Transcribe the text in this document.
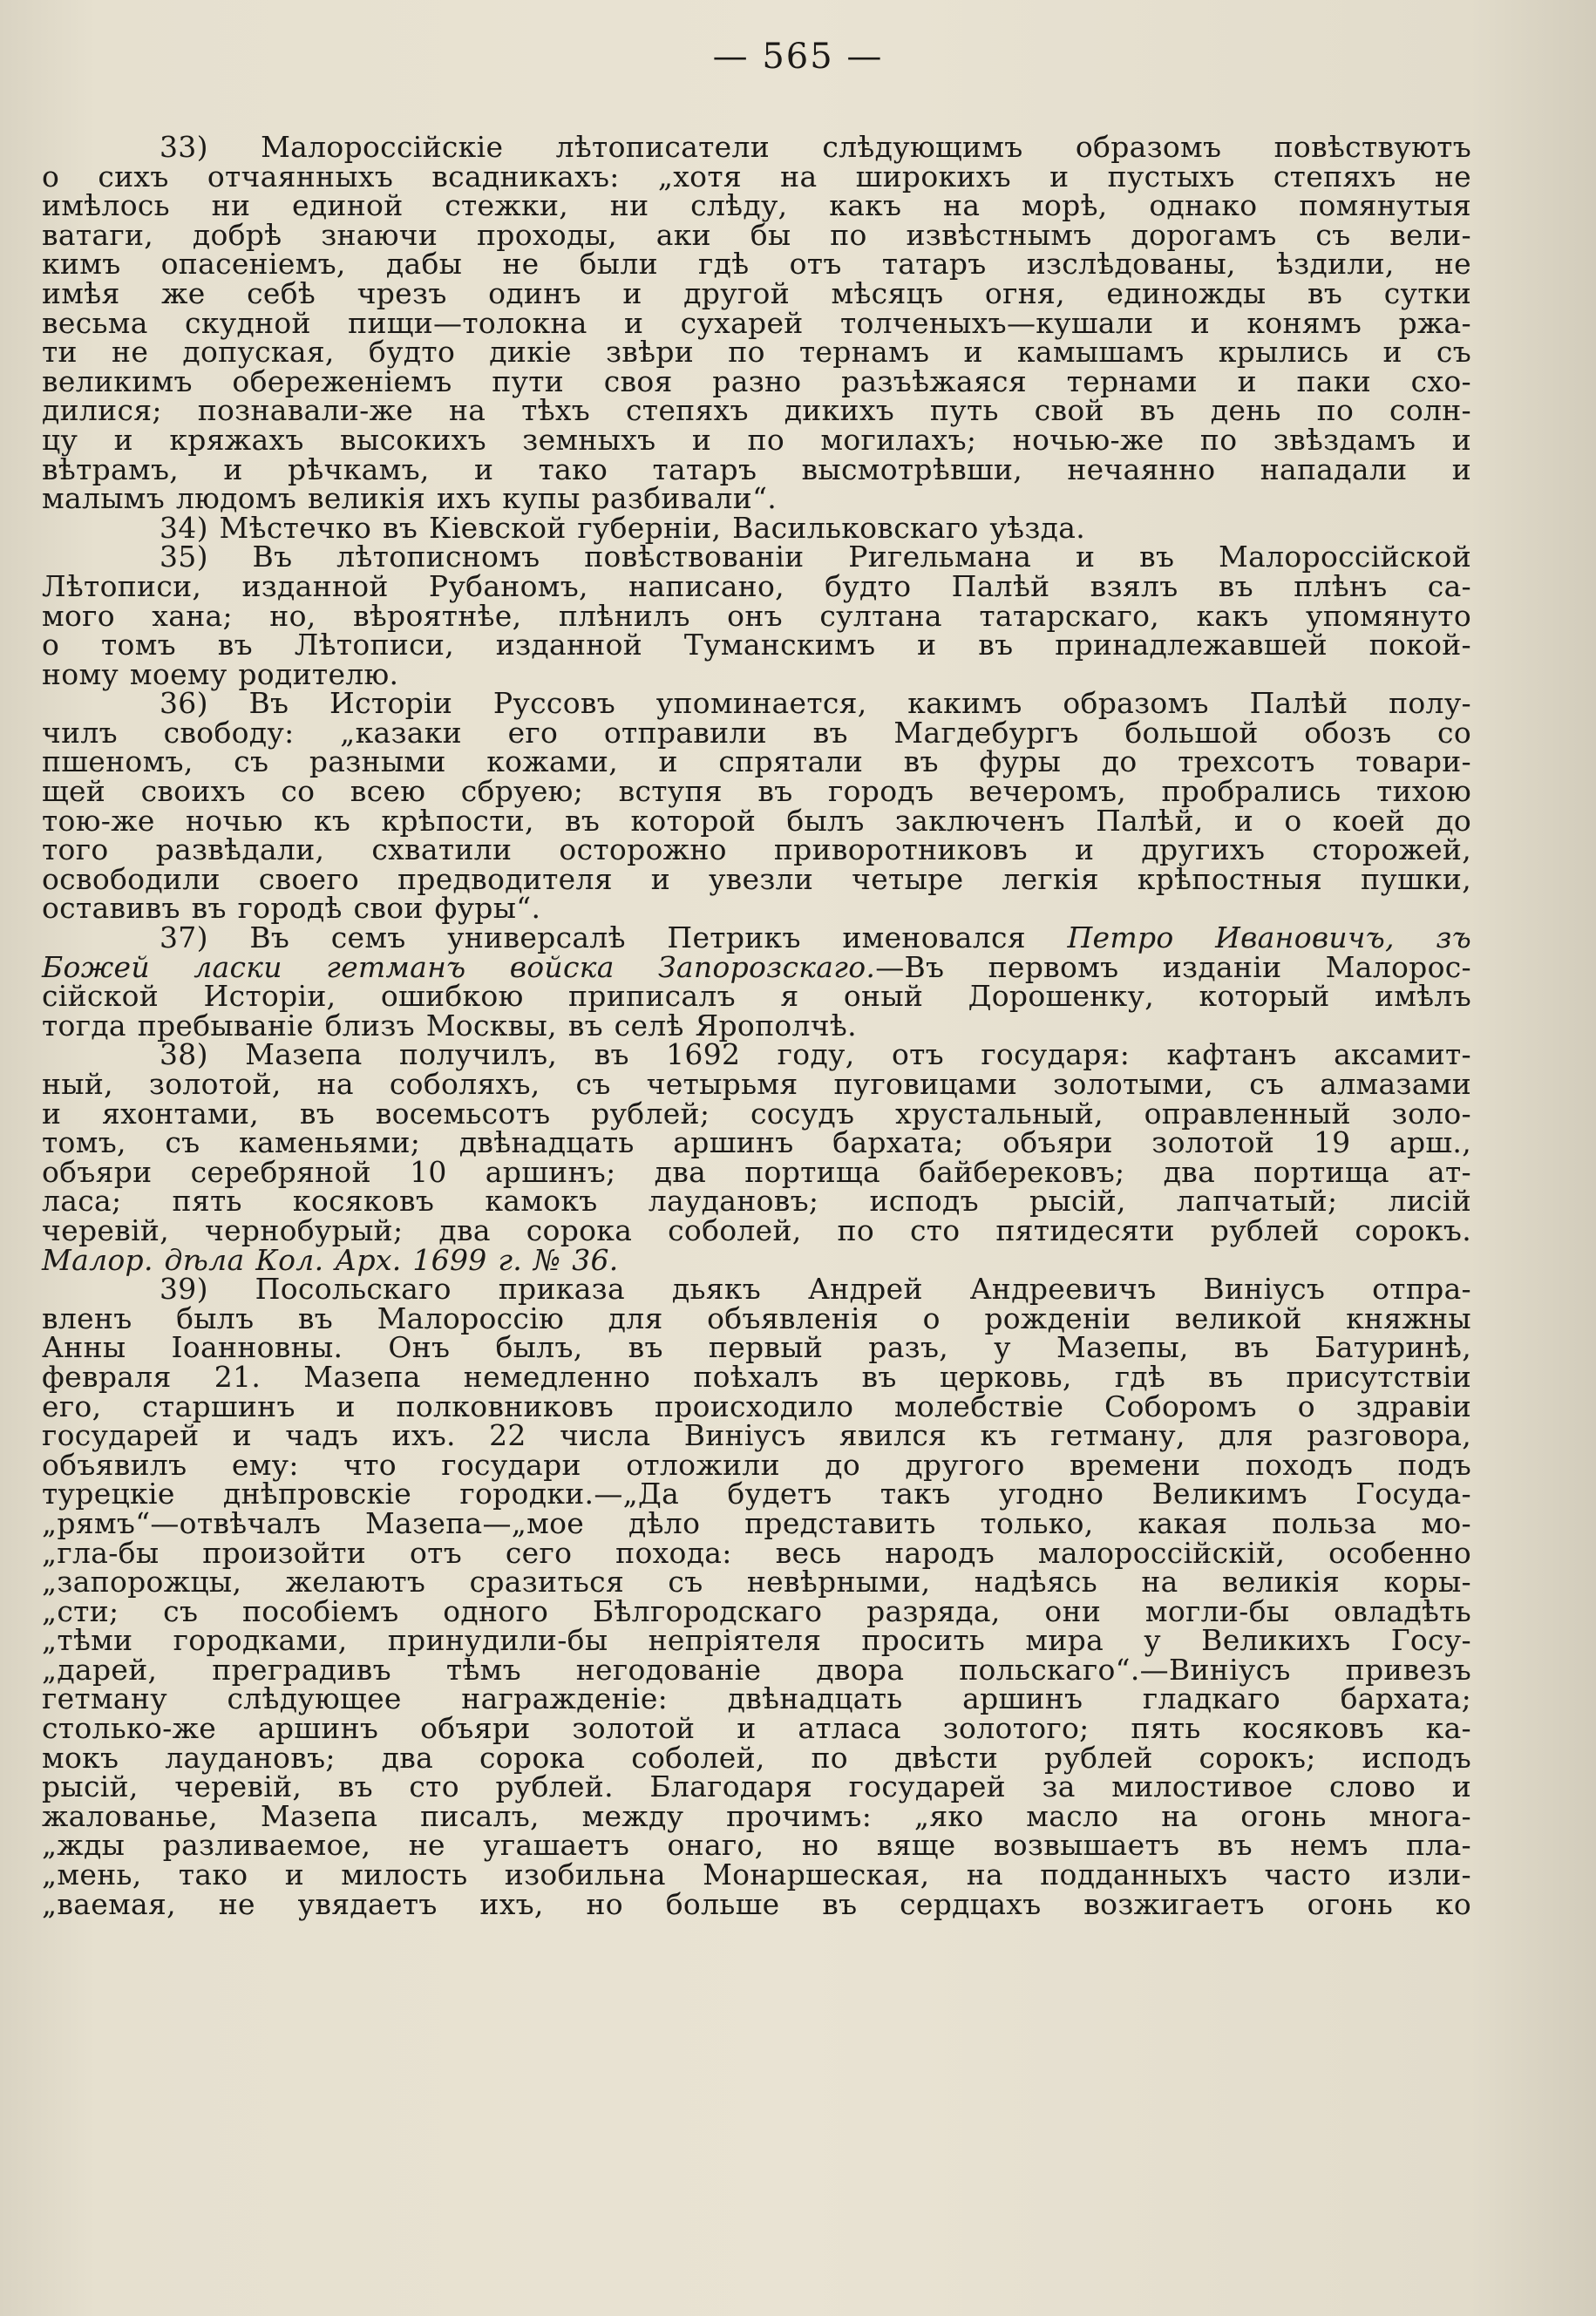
— 565 —

33) Малороссійскіе лѣтописатели слѣдующимъ образомъ повѣствуютъ
о сихъ отчаянныхъ всадникахъ: „хотя на широкихъ и пустыхъ степяхъ не
имѣлось ни единой стежки, ни слѣду, какъ на морѣ, однако помянутыя
ватаги, добрѣ знаючи проходы, аки бы по извѣстнымъ дорогамъ съ вели-
кимъ опасеніемъ, дабы не были гдѣ отъ татаръ изслѣдованы, ѣздили, не
имѣя же себѣ чрезъ одинъ и другой мѣсяцъ огня, единожды въ сутки
весьма скудной пищи—толокна и сухарей толченыхъ—кушали и конямъ ржа-
ти не допуская, будто дикіе звѣри по тернамъ и камышамъ крылись и съ
великимъ обереженіемъ пути своя разно разъѣжаяся тернами и паки схо-
дилися; познавали-же на тѣхъ степяхъ дикихъ путь свой въ день по солн-
цу и кряжахъ высокихъ земныхъ и по могилахъ; ночью-же по звѣздамъ и
вѣтрамъ, и рѣчкамъ, и тако татаръ высмотрѣвши, нечаянно нападали и
малымъ людомъ великія ихъ купы разбивали“.

34) Мѣстечко въ Кіевской губерніи, Васильковскаго уѣзда.

35) Въ лѣтописномъ повѣствованіи Ригельмана и въ Малороссійской
Лѣтописи, изданной Рубаномъ, написано, будто Палѣй взялъ въ плѣнъ са-
мого хана; но, вѣроятнѣе, плѣнилъ онъ султана татарскаго, какъ упомянуто
о томъ въ Лѣтописи, изданной Туманскимъ и въ принадлежавшей покой-
ному моему родителю.

36) Въ Исторіи Руссовъ упоминается, какимъ образомъ Палѣй полу-
чилъ свободу: „казаки его отправили въ Магдебургъ большой обозъ со
пшеномъ, съ разными кожами, и спрятали въ фуры до трехсотъ товари-
щей своихъ со всею сбруею; вступя въ городъ вечеромъ, пробрались тихою
тою-же ночью къ крѣпости, въ которой былъ заключенъ Палѣй, и о коей до
того развѣдали, схватили осторожно приворотниковъ и другихъ сторожей,
освободили своего предводителя и увезли четыре легкія крѣпостныя пушки,
оставивъ въ городѣ свои фуры“.

37) Въ семъ универсалѣ Петрикъ именовался Петро Ивановичъ, зъ
Божей ласки гетманъ войска Запорозскаго.—Въ первомъ изданіи Малорос-
сійской Исторіи, ошибкою приписалъ я оный Дорошенку, который имѣлъ
тогда пребываніе близъ Москвы, въ селѣ Ярополчѣ.

38) Мазепа получилъ, въ 1692 году, отъ государя: кафтанъ аксамит-
ный, золотой, на соболяхъ, съ четырьмя пуговицами золотыми, съ алмазами
и яхонтами, въ восемьсотъ рублей; сосудъ хрустальный, оправленный золо-
томъ, съ каменьями; двѣнадцать аршинъ бархата; объяри золотой 19 арш.,
объяри серебряной 10 аршинъ; два портища байберековъ; два портища ат-
ласа; пять косяковъ камокъ лаудановъ; исподъ рысій, лапчатый; лисій
черевій, чернобурый; два сорока соболей, по сто пятидесяти рублей сорокъ.
Малор. дѣла Кол. Арх. 1699 г. № 36.

39) Посольскаго приказа дьякъ Андрей Андреевичъ Виніусъ отпра-
вленъ былъ въ Малороссію для объявленія о рожденіи великой княжны
Анны Іоанновны. Онъ былъ, въ первый разъ, у Мазепы, въ Батуринѣ,
февраля 21. Мазепа немедленно поѣхалъ въ церковь, гдѣ въ присутствіи
его, старшинъ и полковниковъ происходило молебствіе Соборомъ о здравіи
государей и чадъ ихъ. 22 числа Виніусъ явился къ гетману, для разговора,
объявилъ ему: что государи отложили до другого времени походъ подъ
турецкіе днѣпровскіе городки.—„Да будетъ такъ угодно Великимъ Госуда-
„рямъ“—отвѣчалъ Мазепа—„мое дѣло представить только, какая польза мо-
„гла-бы произойти отъ сего похода: весь народъ малороссійскій, особенно
„запорожцы, желаютъ сразиться съ невѣрными, надѣясь на великія коры-
„сти; съ пособіемъ одного Бѣлгородскаго разряда, они могли-бы овладѣть
„тѣми городками, принудили-бы непріятеля просить мира у Великихъ Госу-
„дарей, преградивъ тѣмъ негодованіе двора польскаго“.—Виніусъ привезъ
гетману слѣдующее награжденіе: двѣнадцать аршинъ гладкаго бархата;
столько-же аршинъ объяри золотой и атласа золотого; пять косяковъ ка-
мокъ лаудановъ; два сорока соболей, по двѣсти рублей сорокъ; исподъ
рысій, черевій, въ сто рублей. Благодаря государей за милостивое слово и
жалованье, Мазепа писалъ, между прочимъ: „яко масло на огонь многа-
„жды разливаемое, не угашаетъ онаго, но вяще возвышаетъ въ немъ пла-
„мень, тако и милость изобильна Монаршеская, на подданныхъ часто изли-
„ваемая, не увядаетъ ихъ, но больше въ сердцахъ возжигаетъ огонь ко
